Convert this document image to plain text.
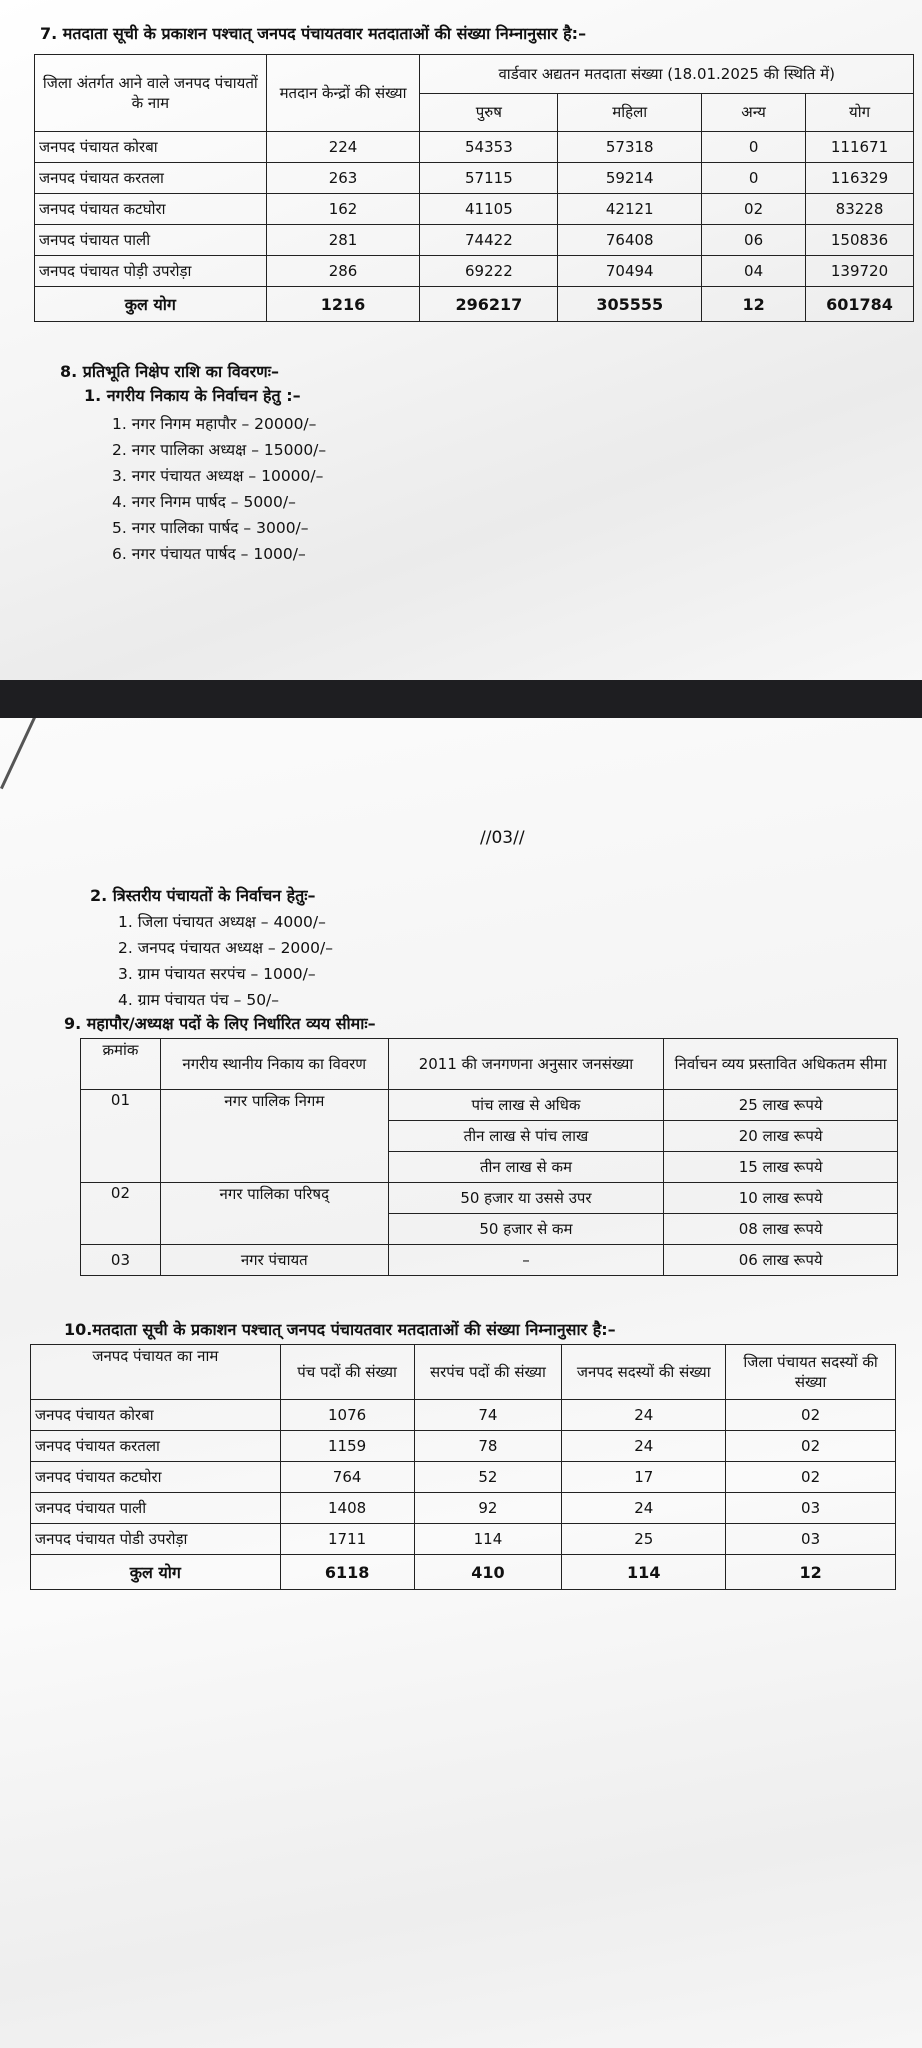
7. मतदाता सूची के प्रकाशन पश्चात् जनपद पंचायतवार मतदाताओं की संख्या निम्नानुसार है:–
जिला अंतर्गत आने वाले जनपद पंचायतों के नाम	मतदान केन्द्रों की संख्या	वार्डवार अद्यतन मतदाता संख्या (18.01.2025 की स्थिति में)			
		पुरुष	महिला	अन्य	योग
जनपद पंचायत कोरबा	224	54353	57318	0	111671
जनपद पंचायत करतला	263	57115	59214	0	116329
जनपद पंचायत कटघोरा	162	41105	42121	02	83228
जनपद पंचायत पाली	281	74422	76408	06	150836
जनपद पंचायत पोड़ी उपरोड़ा	286	69222	70494	04	139720
कुल योग	1216	296217	305555	12	601784
8. प्रतिभूति निक्षेप राशि का विवरणः–
1. नगरीय निकाय के निर्वाचन हेतु :–
1. नगर निगम महापौर – 20000/–
2. नगर पालिका अध्यक्ष – 15000/–
3. नगर पंचायत अध्यक्ष – 10000/–
4. नगर निगम पार्षद – 5000/–
5. नगर पालिका पार्षद – 3000/–
6. नगर पंचायत पार्षद – 1000/–
//03//
2. त्रिस्तरीय पंचायतों के निर्वाचन हेतुः–
1. जिला पंचायत अध्यक्ष – 4000/–
2. जनपद पंचायत अध्यक्ष – 2000/–
3. ग्राम पंचायत सरपंच – 1000/–
4. ग्राम पंचायत पंच – 50/–
9. महापौर/अध्यक्ष पदों के लिए निर्धारित व्यय सीमाः–
क्रमांक	नगरीय स्थानीय निकाय का विवरण	2011 की जनगणना अनुसार जनसंख्या	निर्वाचन व्यय प्रस्तावित अधिकतम सीमा
01	नगर पालिक निगम	पांच लाख से अधिक	25 लाख रूपये
		तीन लाख से पांच लाख	20 लाख रूपये
		तीन लाख से कम	15 लाख रूपये
02	नगर पालिका परिषद्	50 हजार या उससे उपर	10 लाख रूपये
		50 हजार से कम	08 लाख रूपये
03	नगर पंचायत	–	06 लाख रूपये
10.मतदाता सूची के प्रकाशन पश्चात् जनपद पंचायतवार मतदाताओं की संख्या निम्नानुसार है:–
जनपद पंचायत का नाम	पंच पदों की संख्या	सरपंच पदों की संख्या	जनपद सदस्यों की संख्या	जिला पंचायत सदस्यों की संख्या
जनपद पंचायत कोरबा	1076	74	24	02
जनपद पंचायत करतला	1159	78	24	02
जनपद पंचायत कटघोरा	764	52	17	02
जनपद पंचायत पाली	1408	92	24	03
जनपद पंचायत पोडी उपरोड़ा	1711	114	25	03
कुल योग	6118	410	114	12
